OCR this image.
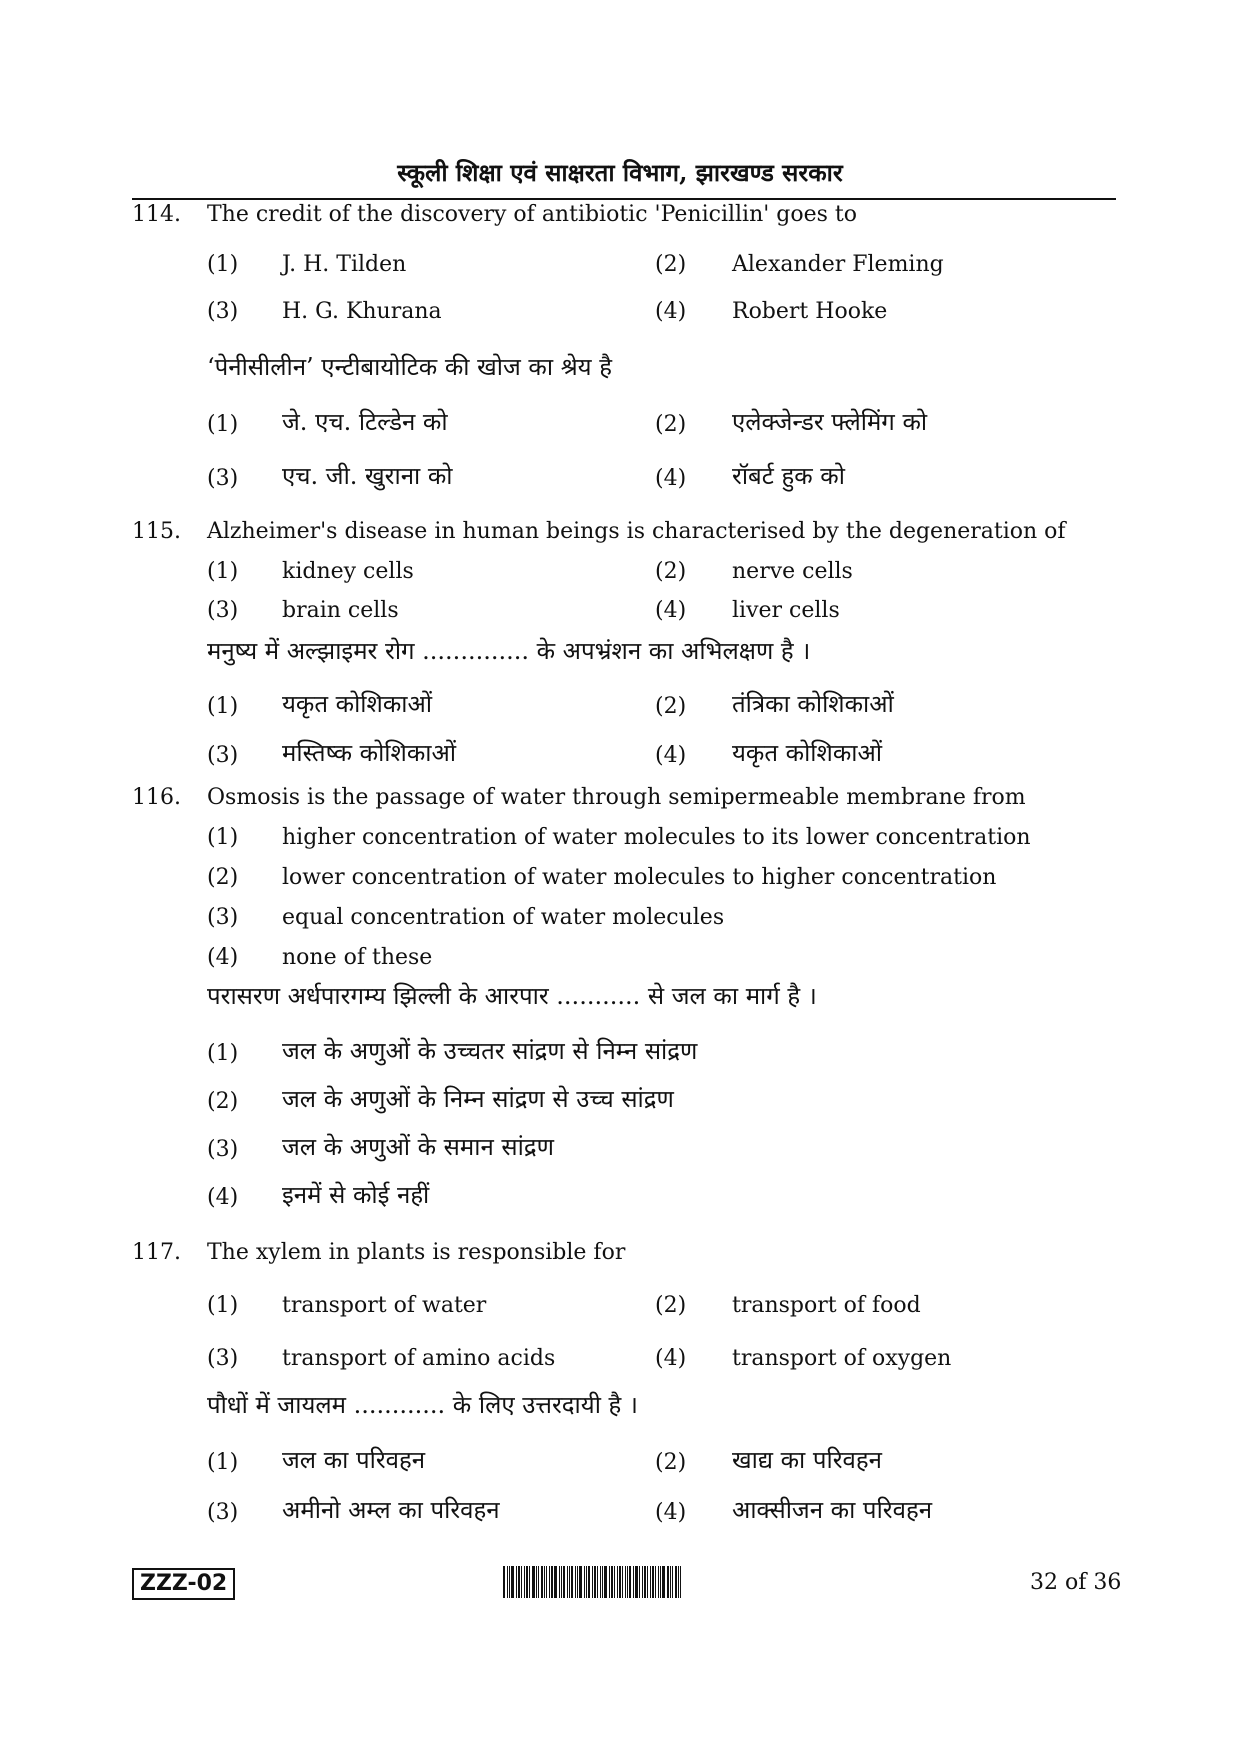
स्कूली शिक्षा एवं साक्षरता विभाग, झारखण्ड सरकार
114. The credit of the discovery of antibiotic 'Penicillin' goes to
(1) J. H. Tilden	(2) Alexander Fleming
(3) H. G. Khurana	(4) Robert Hooke
‘पेनीसीलीन’ एन्टीबायोटिक की खोज का श्रेय है
(1) जे. एच. टिल्डेन को	(2) एलेक्जेन्डर फ्लेमिंग को
(3) एच. जी. खुराना को	(4) रॉबर्ट हुक को
115. Alzheimer's disease in human beings is characterised by the degeneration of
(1) kidney cells	(2) nerve cells
(3) brain cells	(4) liver cells
मनुष्य में अल्झाइमर रोग .............. के अपभ्रंशन का अभिलक्षण है ।
(1) यकृत कोशिकाओं	(2) तंत्रिका कोशिकाओं
(3) मस्तिष्क कोशिकाओं	(4) यकृत कोशिकाओं
116. Osmosis is the passage of water through semipermeable membrane from
(1) higher concentration of water molecules to its lower concentration
(2) lower concentration of water molecules to higher concentration
(3) equal concentration of water molecules
(4) none of these
परासरण अर्धपारगम्य झिल्ली के आरपार ........... से जल का मार्ग है ।
(1) जल के अणुओं के उच्चतर सांद्रण से निम्न सांद्रण
(2) जल के अणुओं के निम्न सांद्रण से उच्च सांद्रण
(3) जल के अणुओं के समान सांद्रण
(4) इनमें से कोई नहीं
117. The xylem in plants is responsible for
(1) transport of water	(2) transport of food
(3) transport of amino acids	(4) transport of oxygen
पौधों में जायलम ............ के लिए उत्तरदायी है ।
(1) जल का परिवहन	(2) खाद्य का परिवहन
(3) अमीनो अम्ल का परिवहन	(4) आक्सीजन का परिवहन
ZZZ-02	32 of 36
